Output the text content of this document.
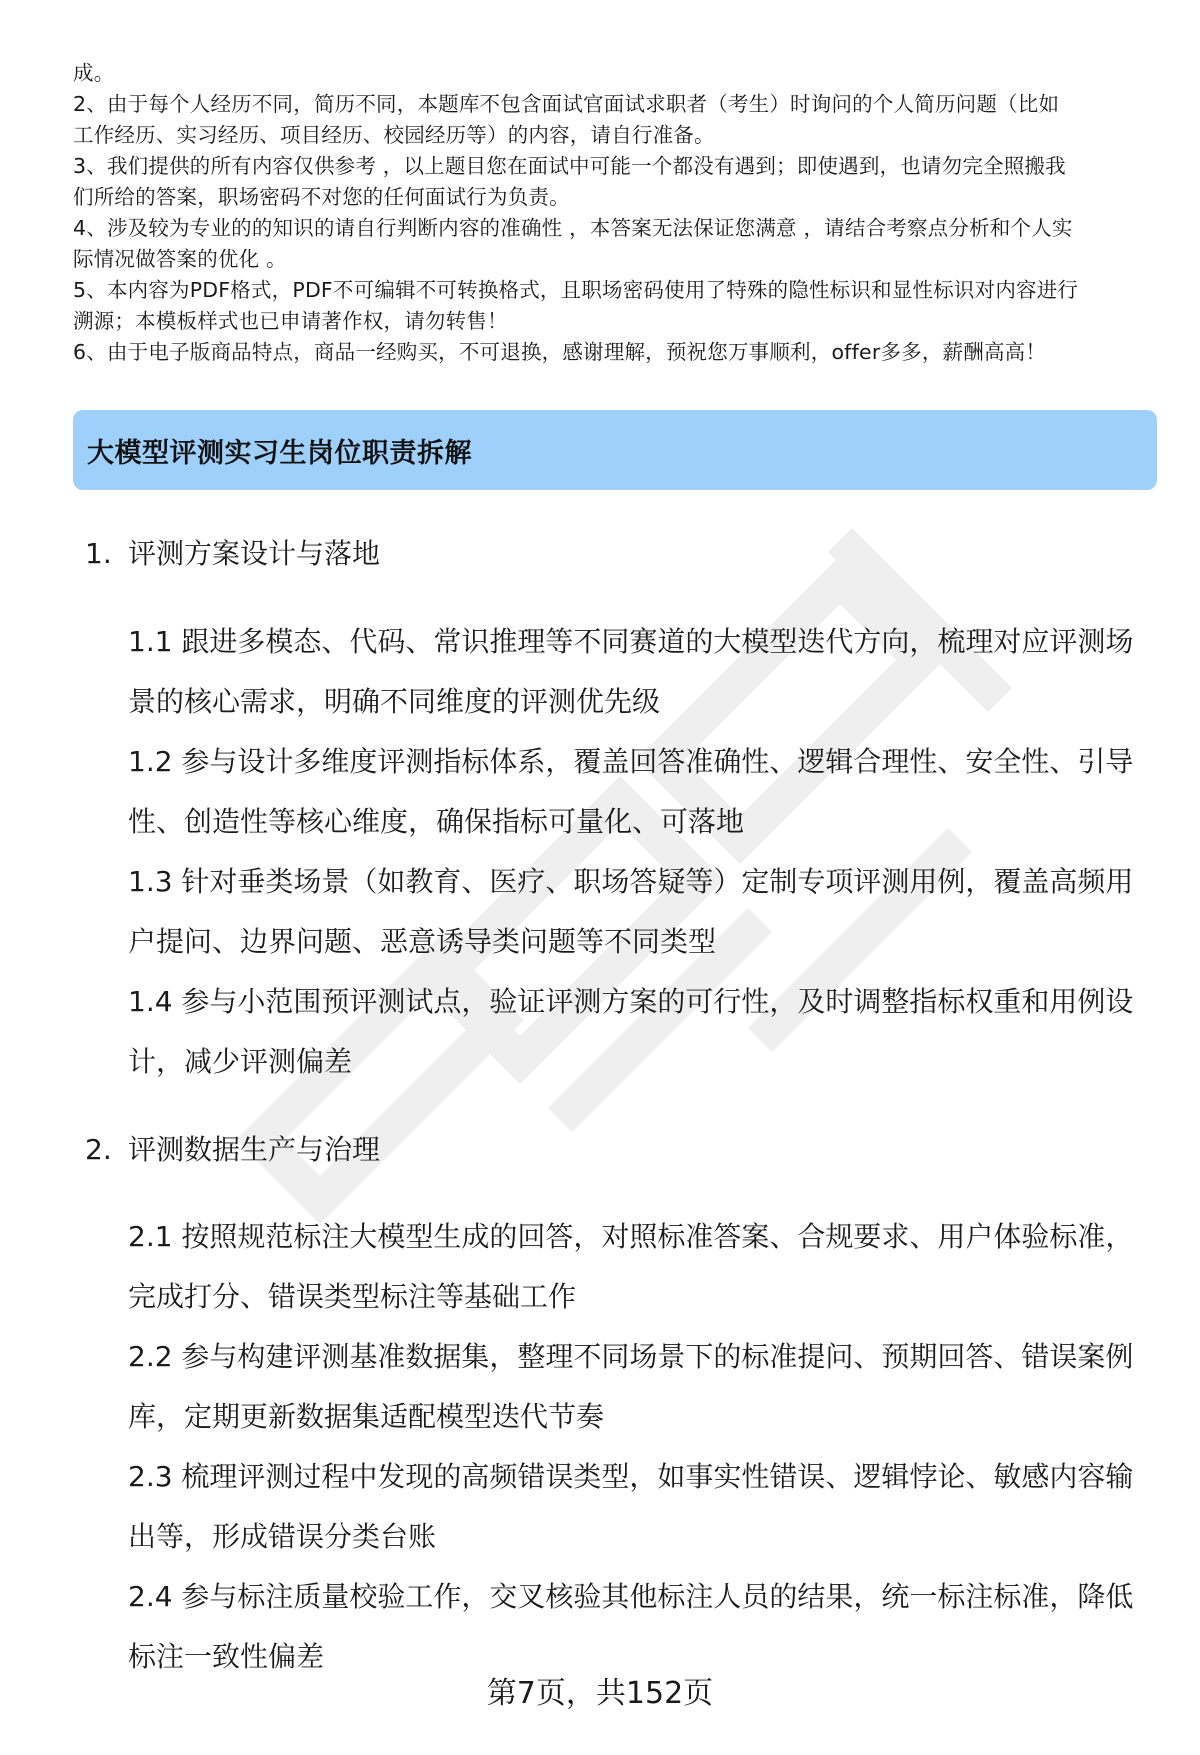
成。
2、由于每个人经历不同，简历不同，本题库不包含面试官面试求职者（考生）时询问的个人简历问题（比如
工作经历、实习经历、项目经历、校园经历等）的内容，请自行准备。
3、我们提供的所有内容仅供参考 ，以上题目您在面试中可能一个都没有遇到；即使遇到，也请勿完全照搬我
们所给的答案，职场密码不对您的任何面试行为负责。
4、涉及较为专业的的知识的请自行判断内容的准确性 ，本答案无法保证您满意 ，请结合考察点分析和个人实
际情况做答案的优化 。
5、本内容为PDF格式，PDF不可编辑不可转换格式，且职场密码使用了特殊的隐性标识和显性标识对内容进行
溯源；本模板样式也已申请著作权，请勿转售！
6、由于电子版商品特点，商品一经购买，不可退换，感谢理解，预祝您万事顺利，offer多多，薪酬高高！
大模型评测实习生岗位职责拆解
1. 评测方案设计与落地
1.1 跟进多模态、代码、常识推理等不同赛道的大模型迭代方向，梳理对应评测场景的核心需求，明确不同维度的评测优先级
1.2 参与设计多维度评测指标体系，覆盖回答准确性、逻辑合理性、安全性、引导性、创造性等核心维度，确保指标可量化、可落地
1.3 针对垂类场景（如教育、医疗、职场答疑等）定制专项评测用例，覆盖高频用户提问、边界问题、恶意诱导类问题等不同类型
1.4 参与小范围预评测试点，验证评测方案的可行性，及时调整指标权重和用例设计，减少评测偏差
2. 评测数据生产与治理
2.1 按照规范标注大模型生成的回答，对照标准答案、合规要求、用户体验标准，完成打分、错误类型标注等基础工作
2.2 参与构建评测基准数据集，整理不同场景下的标准提问、预期回答、错误案例库，定期更新数据集适配模型迭代节奏
2.3 梳理评测过程中发现的高频错误类型，如事实性错误、逻辑悖论、敏感内容输出等，形成错误分类台账
2.4 参与标注质量校验工作，交叉核验其他标注人员的结果，统一标注标准，降低标注一致性偏差
第7页，共152页
